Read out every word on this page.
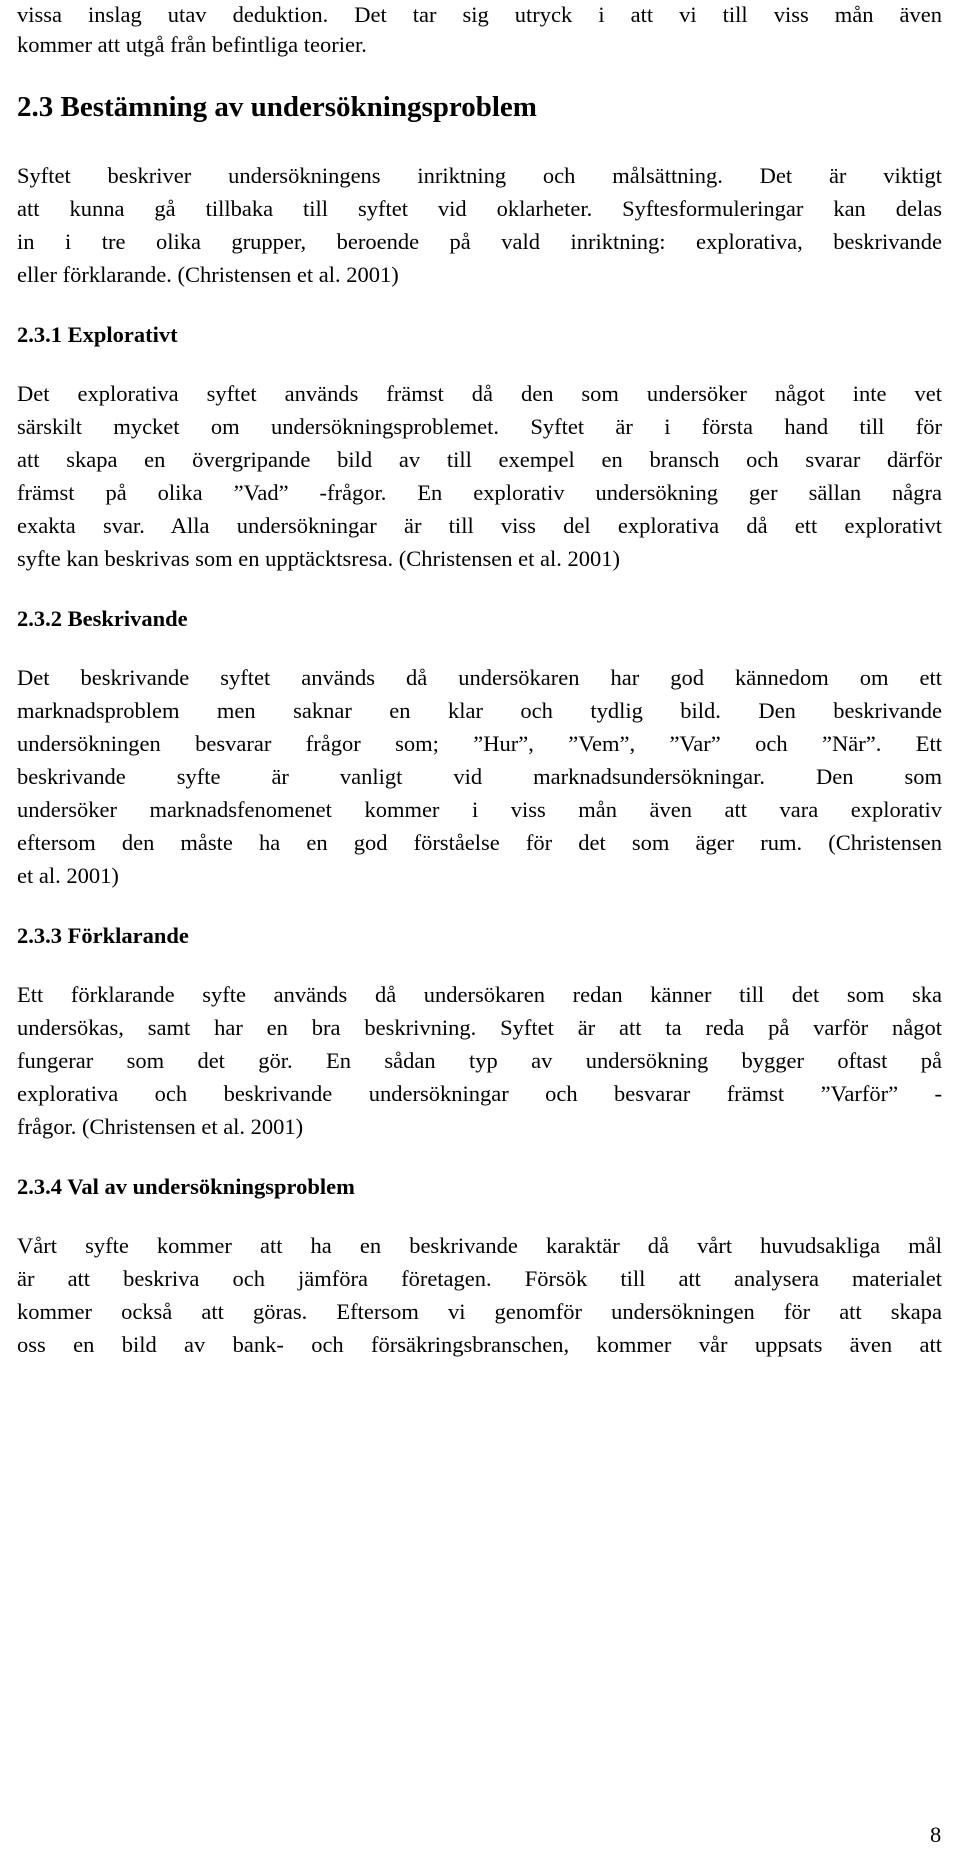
vissa inslag utav deduktion. Det tar sig utryck i att vi till viss mån även

kommer att utgå från befintliga teorier.

2.3 Bestämning av undersökningsproblem

Syftet beskriver undersökningens inriktning och målsättning. Det är viktigt

att kunna gå tillbaka till syftet vid oklarheter. Syftesformuleringar kan delas

in i tre olika grupper, beroende på vald inriktning: explorativa, beskrivande

eller förklarande. (Christensen et al. 2001)

2.3.1 Explorativt

Det explorativa syftet används främst då den som undersöker något inte vet

särskilt mycket om undersökningsproblemet. Syftet är i första hand till för

att skapa en övergripande bild av till exempel en bransch och svarar därför

främst på olika ”Vad” -frågor. En explorativ undersökning ger sällan några

exakta svar. Alla undersökningar är till viss del explorativa då ett explorativt

syfte kan beskrivas som en upptäcktsresa. (Christensen et al. 2001)

2.3.2 Beskrivande

Det beskrivande syftet används då undersökaren har god kännedom om ett

marknadsproblem men saknar en klar och tydlig bild. Den beskrivande

undersökningen besvarar frågor som; ”Hur”, ”Vem”, ”Var” och ”När”. Ett

beskrivande syfte är vanligt vid marknadsundersökningar. Den som

undersöker marknadsfenomenet kommer i viss mån även att vara explorativ

eftersom den måste ha en god förståelse för det som äger rum. (Christensen

et al. 2001)

2.3.3 Förklarande

Ett förklarande syfte används då undersökaren redan känner till det som ska

undersökas, samt har en bra beskrivning. Syftet är att ta reda på varför något

fungerar som det gör. En sådan typ av undersökning bygger oftast på

explorativa och beskrivande undersökningar och besvarar främst ”Varför” -

frågor. (Christensen et al. 2001)

2.3.4 Val av undersökningsproblem

Vårt syfte kommer att ha en beskrivande karaktär då vårt huvudsakliga mål

är att beskriva och jämföra företagen. Försök till att analysera materialet

kommer också att göras. Eftersom vi genomför undersökningen för att skapa

oss en bild av bank- och försäkringsbranschen, kommer vår uppsats även att

8
